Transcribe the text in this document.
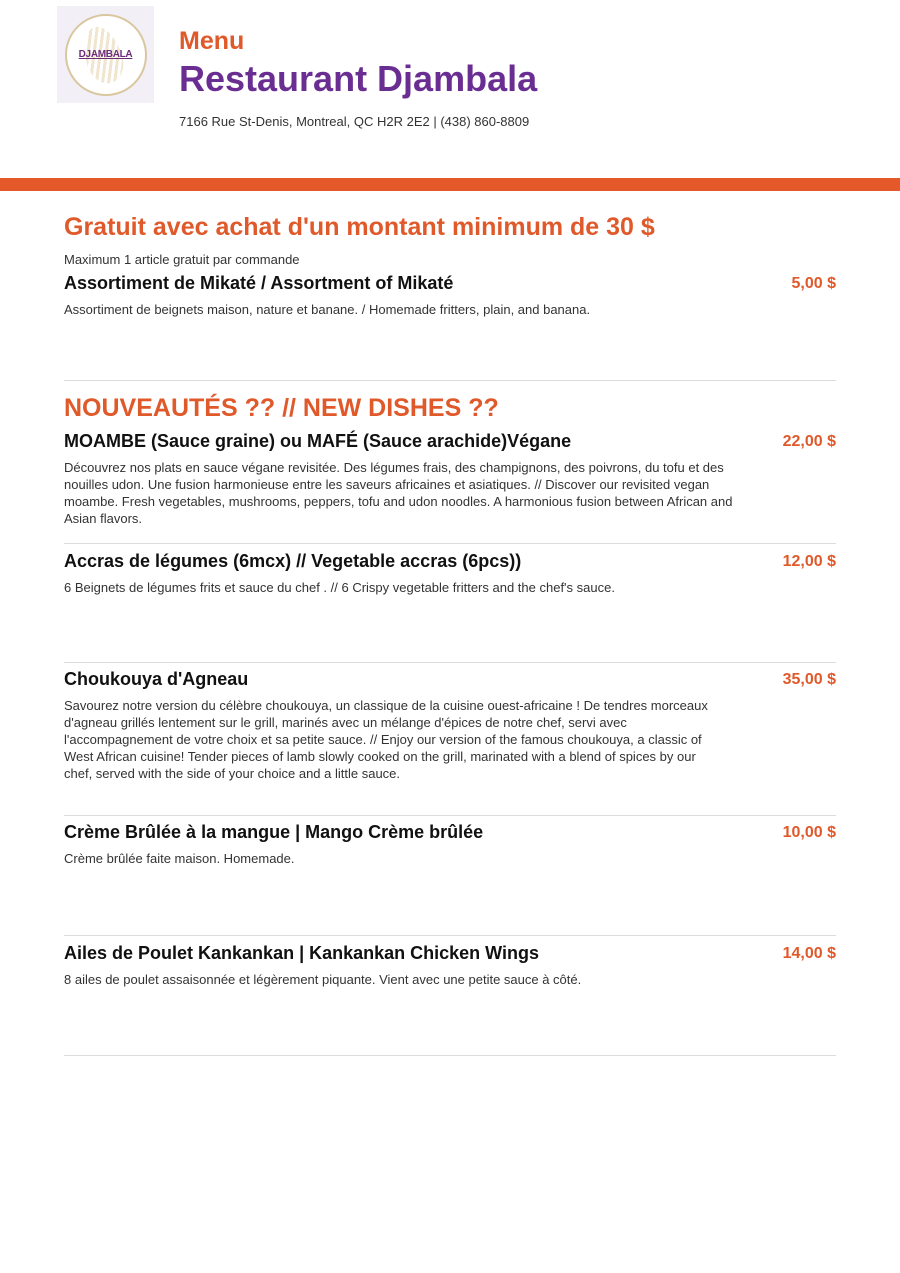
DJAMBALA Menu
Restaurant Djambala
7166 Rue St-Denis, Montreal, QC H2R 2E2 | (438) 860-8809
Gratuit avec achat d'un montant minimum de 30 $
Maximum 1 article gratuit par commande
Assortiment de Mikaté / Assortment of Mikaté	5,00 $
Assortiment de beignets maison, nature et banane. / Homemade fritters, plain, and banana.
NOUVEAUTÉS ?? // NEW DISHES ??
MOAMBE (Sauce graine) ou MAFÉ (Sauce arachide)Végane	22,00 $
Découvrez nos plats en sauce végane revisitée. Des légumes frais, des champignons, des poivrons, du tofu et des nouilles udon. Une fusion harmonieuse entre les saveurs africaines et asiatiques. // Discover our revisited vegan moambe. Fresh vegetables, mushrooms, peppers, tofu and udon noodles. A harmonious fusion between African and Asian flavors.
Accras de légumes (6mcx) // Vegetable accras (6pcs))	12,00 $
6 Beignets de légumes frits et sauce du chef . // 6 Crispy vegetable fritters and the chef's sauce.
Choukouya d'Agneau	35,00 $
Savourez notre version du célèbre choukouya, un classique de la cuisine ouest-africaine ! De tendres morceaux d'agneau grillés lentement sur le grill, marinés avec un mélange d'épices de notre chef, servi avec l'accompagnement de votre choix et sa petite sauce. // Enjoy our version of the famous choukouya, a classic of West African cuisine! Tender pieces of lamb slowly cooked on the grill, marinated with a blend of spices by our chef, served with the side of your choice and a little sauce.
Crème Brûlée à la mangue | Mango Crème brûlée	10,00 $
Crème brûlée faite maison. Homemade.
Ailes de Poulet Kankankan | Kankankan Chicken Wings	14,00 $
8 ailes de poulet assaisonnée et légèrement piquante. Vient avec une petite sauce à côté.
